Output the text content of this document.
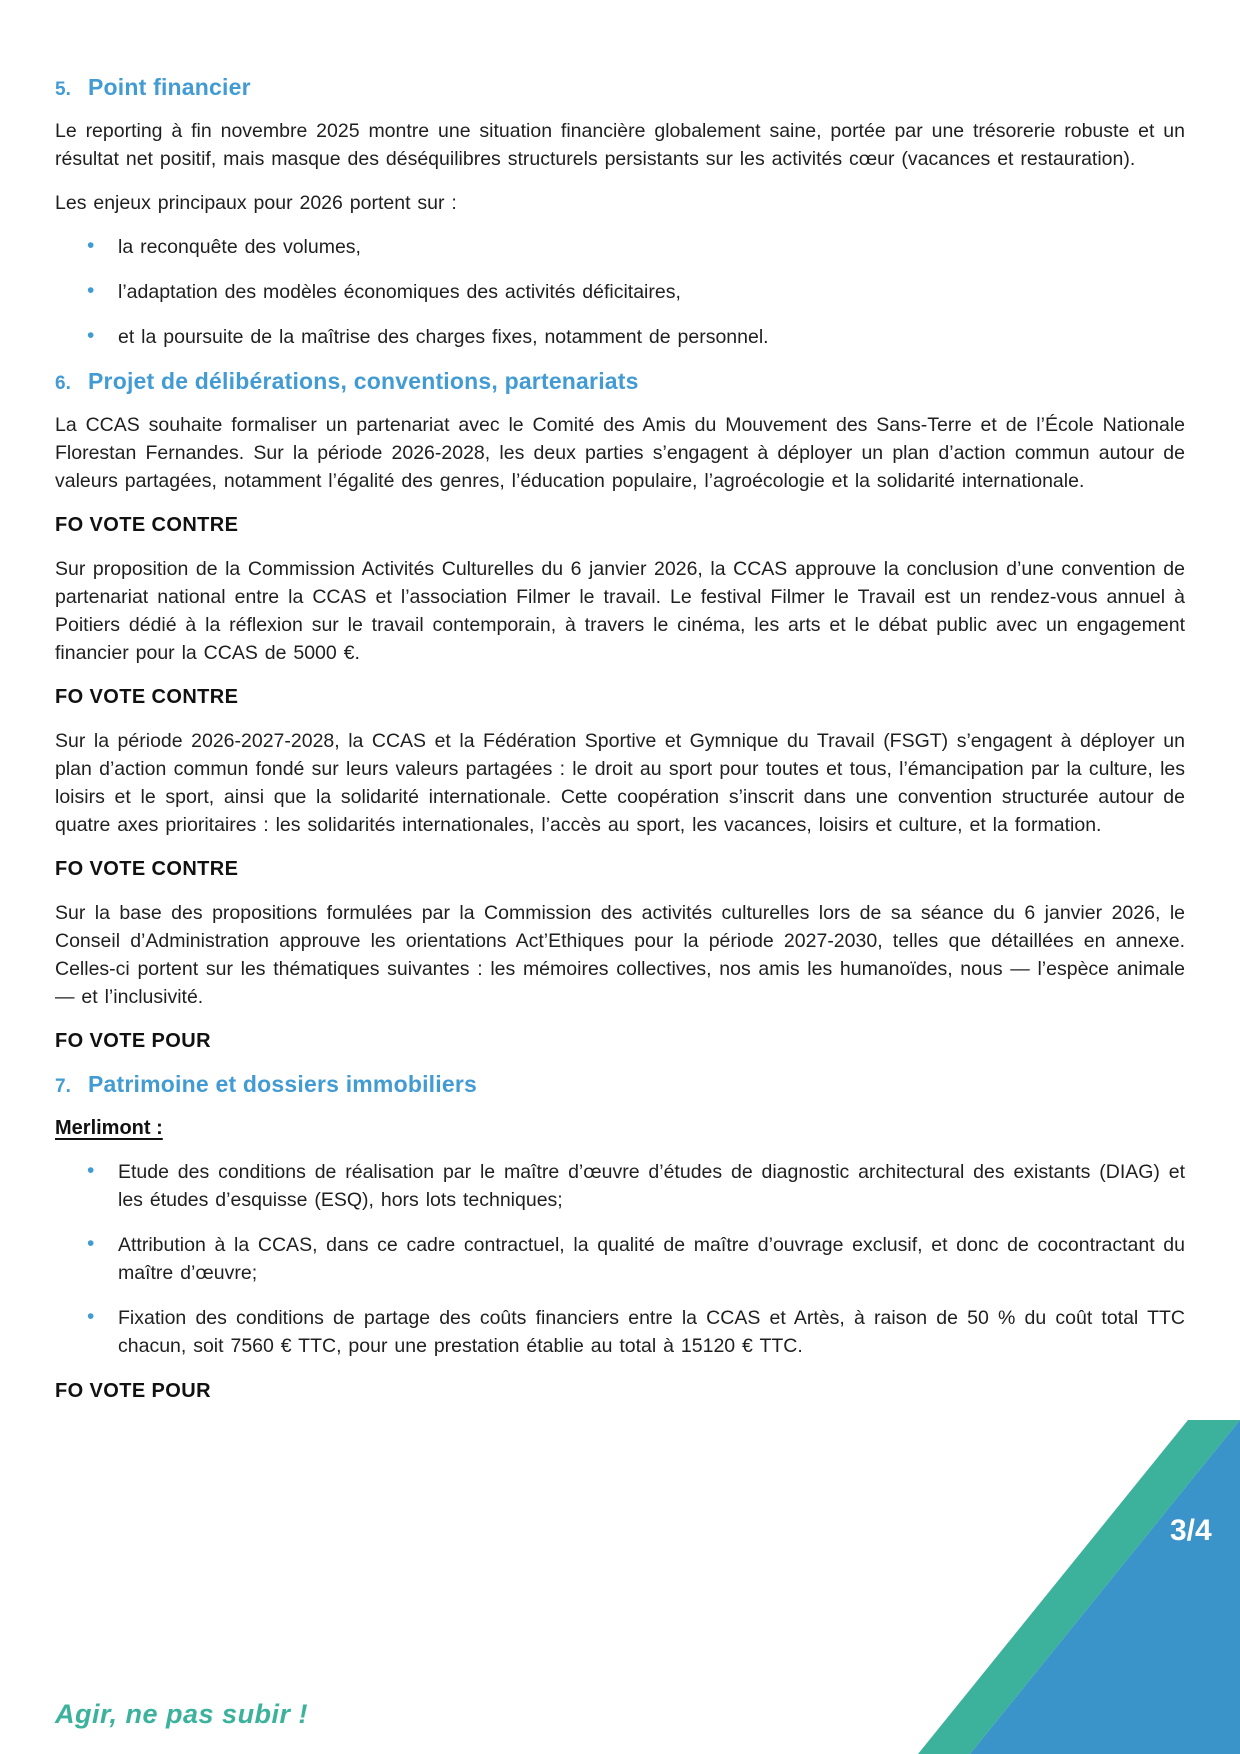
5. Point financier

Le reporting à fin novembre 2025 montre une situation financière globalement saine, portée par une trésorerie robuste et un résultat net positif, mais masque des déséquilibres structurels persistants sur les activités cœur (vacances et restauration).

Les enjeux principaux pour 2026 portent sur :

• la reconquête des volumes,
• l’adaptation des modèles économiques des activités déficitaires,
• et la poursuite de la maîtrise des charges fixes, notamment de personnel.
6. Projet de délibérations, conventions, partenariats

La CCAS souhaite formaliser un partenariat avec le Comité des Amis du Mouvement des Sans-Terre et de l’École Nationale Florestan Fernandes. Sur la période 2026-2028, les deux parties s’engagent à déployer un plan d’action commun autour de valeurs partagées, notamment l’égalité des genres, l’éducation populaire, l’agroécologie et la solidarité internationale.

FO VOTE CONTRE

Sur proposition de la Commission Activités Culturelles du 6 janvier 2026, la CCAS approuve la conclusion d’une convention de partenariat national entre la CCAS et l’association Filmer le travail. Le festival Filmer le Travail est un rendez-vous annuel à Poitiers dédié à la réflexion sur le travail contemporain, à travers le cinéma, les arts et le débat public avec un engagement financier pour la CCAS de 5000 €.

FO VOTE CONTRE

Sur la période 2026-2027-2028, la CCAS et la Fédération Sportive et Gymnique du Travail (FSGT) s’engagent à déployer un plan d’action commun fondé sur leurs valeurs partagées : le droit au sport pour toutes et tous, l’émancipation par la culture, les loisirs et le sport, ainsi que la solidarité internationale. Cette coopération s’inscrit dans une convention structurée autour de quatre axes prioritaires : les solidarités internationales, l’accès au sport, les vacances, loisirs et culture, et la formation.

FO VOTE CONTRE

Sur la base des propositions formulées par la Commission des activités culturelles lors de sa séance du 6 janvier 2026, le Conseil d’Administration approuve les orientations Act’Ethiques pour la période 2027-2030, telles que détaillées en annexe. Celles-ci portent sur les thématiques suivantes : les mémoires collectives, nos amis les humanoïdes, nous — l’espèce animale — et l’inclusivité.

FO VOTE POUR

7. Patrimoine et dossiers immobiliers

Merlimont :

• Etude des conditions de réalisation par le maître d’œuvre d’études de diagnostic architectural des existants (DIAG) et les études d’esquisse (ESQ), hors lots techniques;
• Attribution à la CCAS, dans ce cadre contractuel, la qualité de maître d’ouvrage exclusif, et donc de cocontractant du maître d’œuvre;
• Fixation des conditions de partage des coûts financiers entre la CCAS et Artès, à raison de 50 % du coût total TTC chacun, soit 7560 € TTC, pour une prestation établie au total à 15120 € TTC.

FO VOTE POUR

3/4
Agir, ne pas subir !
